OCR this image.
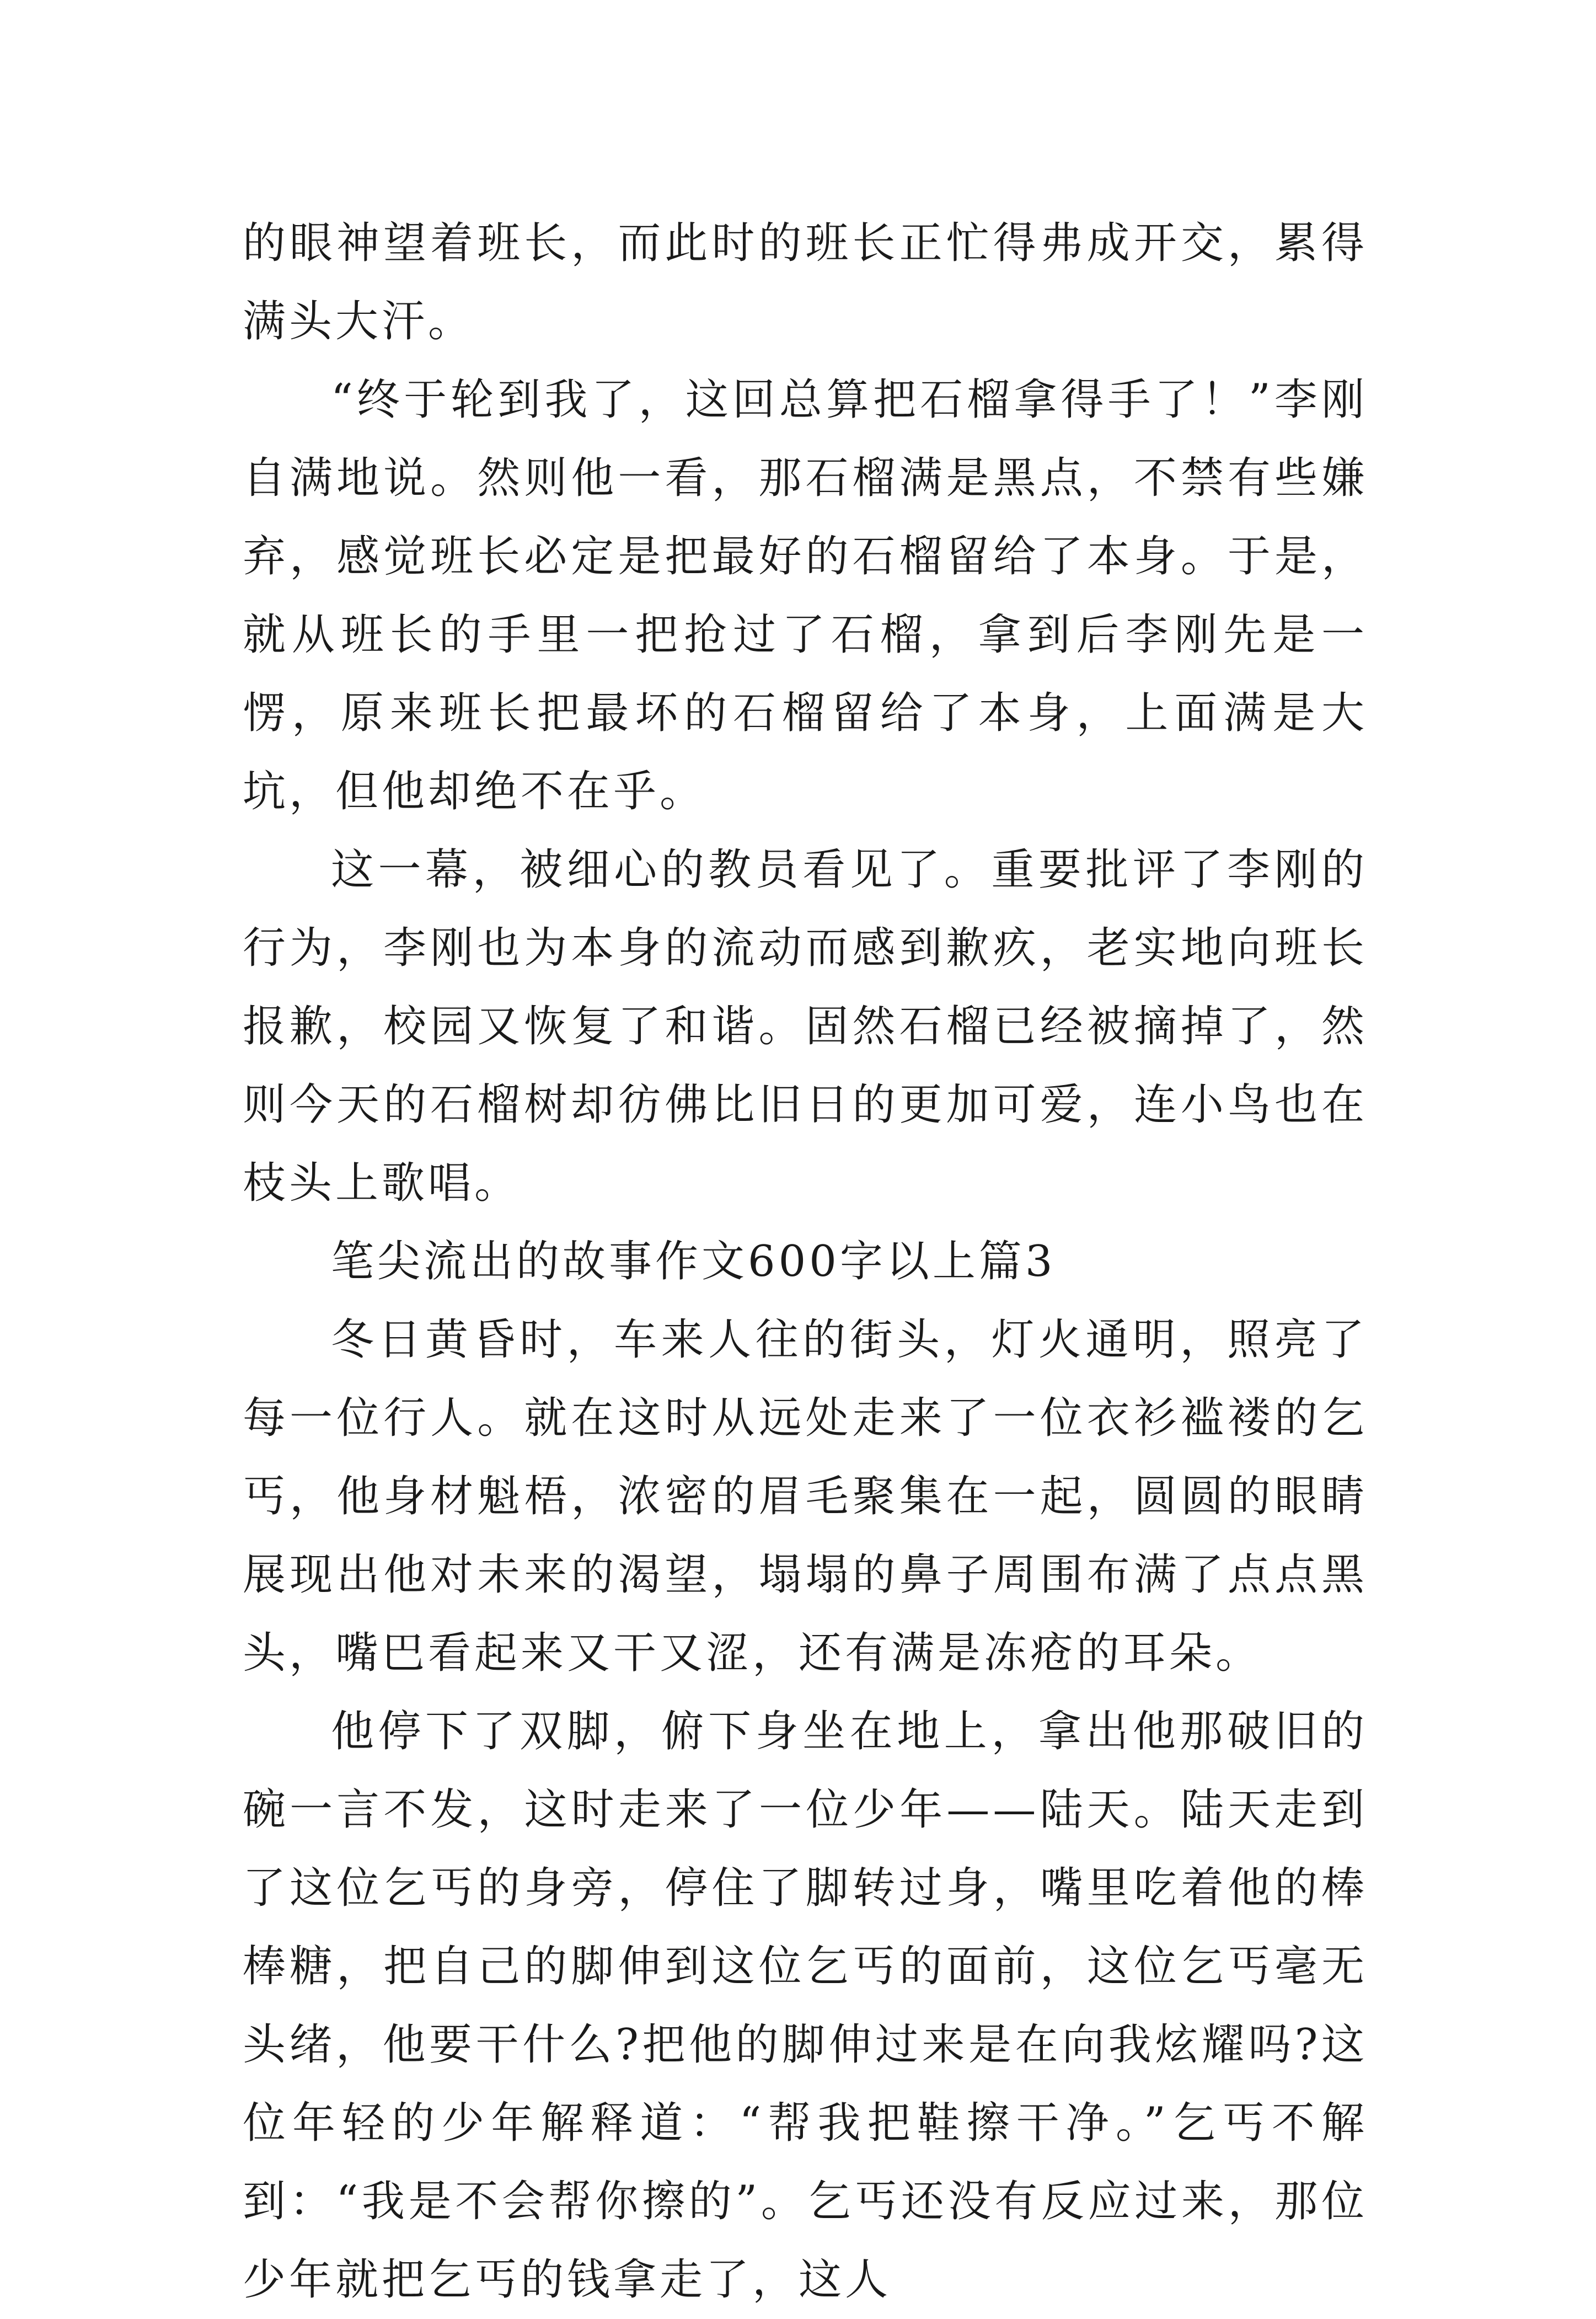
的眼神望着班长，而此时的班长正忙得弗成开交，累得满头大汗。

“终于轮到我了，这回总算把石榴拿得手了！”李刚自满地说。然则他一看，那石榴满是黑点，不禁有些嫌弃，感觉班长必定是把最好的石榴留给了本身。于是，就从班长的手里一把抢过了石榴，拿到后李刚先是一愣，原来班长把最坏的石榴留给了本身，上面满是大坑，但他却绝不在乎。

这一幕，被细心的教员看见了。重要批评了李刚的行为，李刚也为本身的流动而感到歉疚，老实地向班长报歉，校园又恢复了和谐。固然石榴已经被摘掉了，然则今天的石榴树却彷佛比旧日的更加可爱，连小鸟也在枝头上歌唱。

笔尖流出的故事作文600字以上篇3

冬日黄昏时，车来人往的街头，灯火通明，照亮了每一位行人。就在这时从远处走来了一位衣衫褴褛的乞丐，他身材魁梧，浓密的眉毛聚集在一起，圆圆的眼睛展现出他对未来的渴望，塌塌的鼻子周围布满了点点黑头，嘴巴看起来又干又涩，还有满是冻疮的耳朵。

他停下了双脚，俯下身坐在地上，拿出他那破旧的碗一言不发，这时走来了一位少年——陆天。陆天走到了这位乞丐的身旁，停住了脚转过身，嘴里吃着他的棒棒糖，把自己的脚伸到这位乞丐的面前，这位乞丐毫无头绪，他要干什么?把他的脚伸过来是在向我炫耀吗?这位年轻的少年解释道：“帮我把鞋擦干净。”乞丐不解到：“我是不会帮你擦的”。乞丐还没有反应过来，那位少年就把乞丐的钱拿走了，这人
